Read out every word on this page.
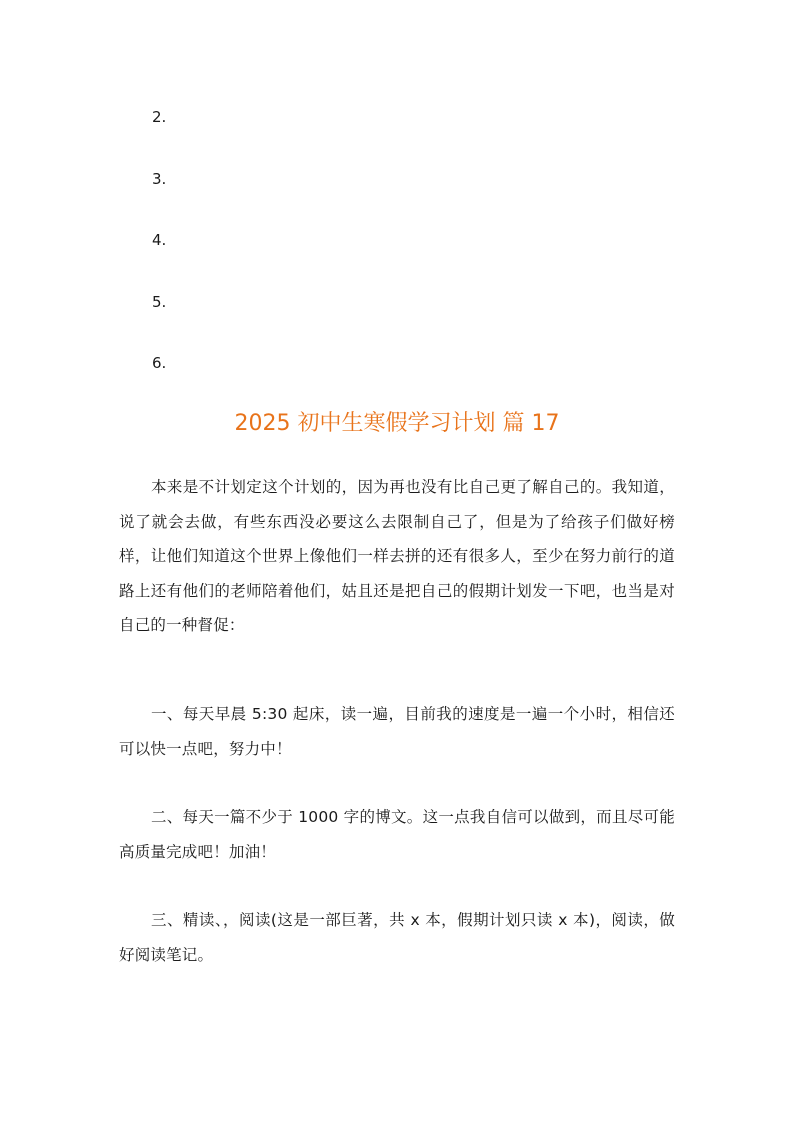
2.
3.
4.
5.
6.
2025 初中生寒假学习计划 篇 17

本来是不计划定这个计划的，因为再也没有比自己更了解自己的。我知道，说了就会去做，有些东西没必要这么去限制自己了，但是为了给孩子们做好榜样，让他们知道这个世界上像他们一样去拼的还有很多人，至少在努力前行的道路上还有他们的老师陪着他们，姑且还是把自己的假期计划发一下吧，也当是对自己的一种督促：

一、每天早晨 5:30 起床，读一遍，目前我的速度是一遍一个小时，相信还可以快一点吧，努力中！

二、每天一篇不少于 1000 字的博文。这一点我自信可以做到，而且尽可能高质量完成吧！加油！

三、精读、，阅读(这是一部巨著，共 x 本，假期计划只读 x 本)，阅读，做好阅读笔记。
